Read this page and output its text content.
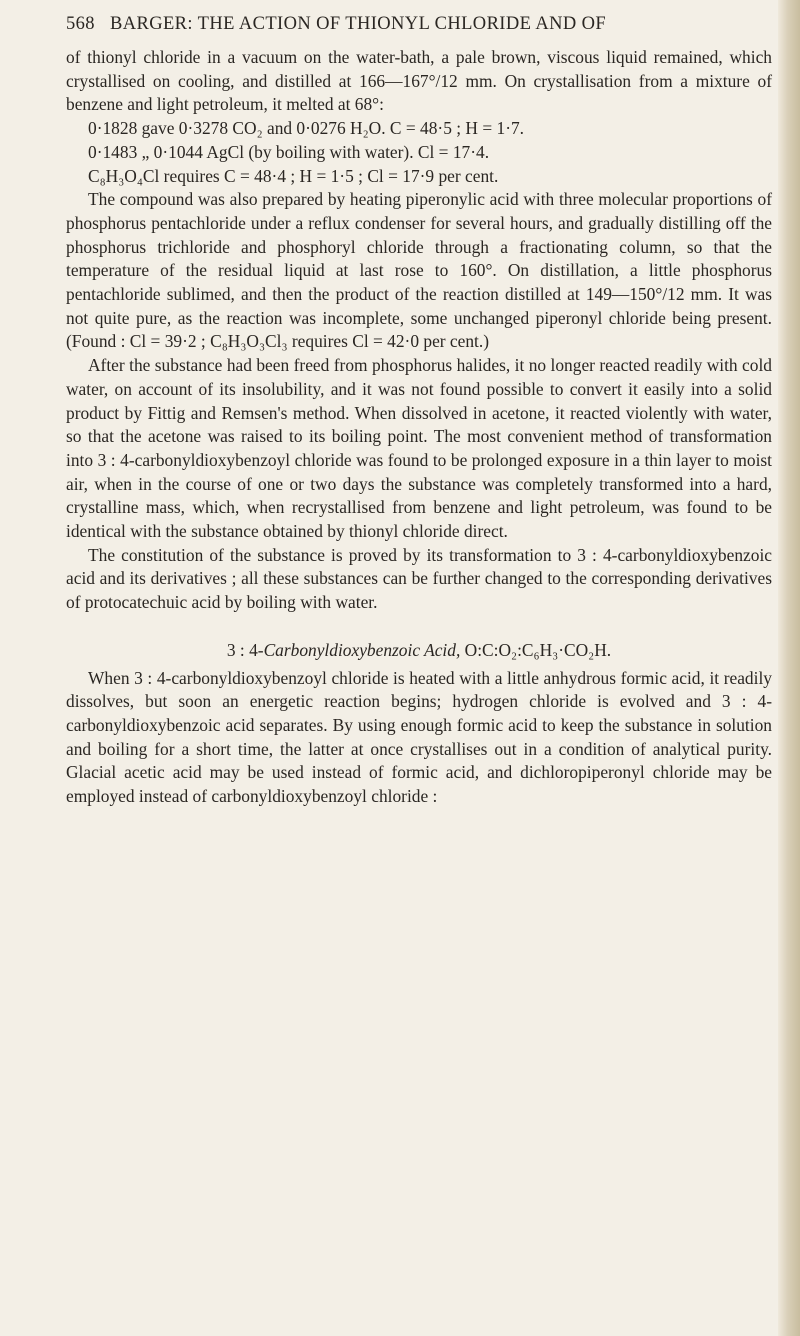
568 BARGER: THE ACTION OF THIONYL CHLORIDE AND OF

of thionyl chloride in a vacuum on the water-bath, a pale brown, viscous liquid remained, which crystallised on cooling, and distilled at 166—167°/12 mm. On crystallisation from a mixture of benzene and light petroleum, it melted at 68°:

0·1828 gave 0·3278 CO₂ and 0·0276 H₂O. C = 48·5 ; H = 1·7.
0·1483 „ 0·1044 AgCl (by boiling with water). Cl = 17·4.
C₈H₃O₄Cl requires C = 48·4 ; H = 1·5 ; Cl = 17·9 per cent.

The compound was also prepared by heating piperonylic acid with three molecular proportions of phosphorus pentachloride under a reflux condenser for several hours, and gradually distilling off the phosphorus trichloride and phosphoryl chloride through a fractionating column, so that the temperature of the residual liquid at last rose to 160°. On distillation, a little phosphorus pentachloride sublimed, and then the product of the reaction distilled at 149—150°/12 mm. It was not quite pure, as the reaction was incomplete, some unchanged piperonyl chloride being present. (Found : Cl = 39·2 ; C₈H₃O₃Cl₃ requires Cl = 42·0 per cent.)

After the substance had been freed from phosphorus halides, it no longer reacted readily with cold water, on account of its insolubility, and it was not found possible to convert it easily into a solid product by Fittig and Remsen's method. When dissolved in acetone, it reacted violently with water, so that the acetone was raised to its boiling point. The most convenient method of transformation into 3 : 4-carbonyldioxybenzoyl chloride was found to be prolonged exposure in a thin layer to moist air, when in the course of one or two days the substance was completely transformed into a hard, crystalline mass, which, when recrystallised from benzene and light petroleum, was found to be identical with the substance obtained by thionyl chloride direct.

The constitution of the substance is proved by its transformation to 3 : 4-carbonyldioxybenzoic acid and its derivatives ; all these substances can be further changed to the corresponding derivatives of protocatechuic acid by boiling with water.

3 : 4-Carbonyldioxybenzoic Acid, O:C:O₂:C₆H₃·CO₂H.

When 3 : 4-carbonyldioxybenzoyl chloride is heated with a little anhydrous formic acid, it readily dissolves, but soon an energetic reaction begins; hydrogen chloride is evolved and 3 : 4-carbonyldioxybenzoic acid separates. By using enough formic acid to keep the substance in solution and boiling for a short time, the latter at once crystallises out in a condition of analytical purity. Glacial acetic acid may be used instead of formic acid, and dichloropiperonyl chloride may be employed instead of carbonyldioxybenzoyl chloride :
